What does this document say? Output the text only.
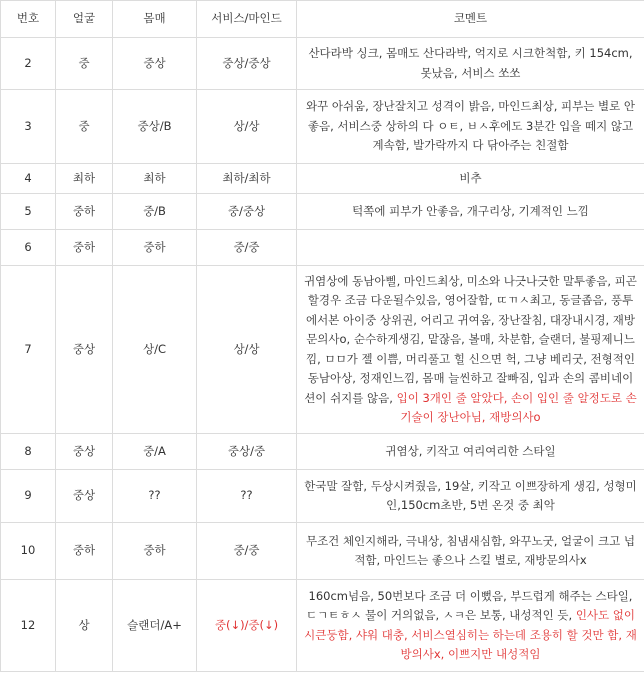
번호	얼굴	몸매	서비스/마인드	코멘트
2	중	중상	중상/중상	산다라박 싱크, 몸매도 산다라박, 억지로 시크한척함, 키 154cm, 못났음, 서비스 쏘쏘
3	중	중상/B	상/상	와꾸 아쉬움, 장난잘치고 성격이 밝음, 마인드최상, 피부는 별로 안좋음, 서비스중 상하의 다 ㅇㅌ, ㅂㅅ후에도 3분간 입을 떼지 않고 계속함, 발가락까지 다 닦아주는 친절함
4	최하	최하	최하/최하	비추
5	중하	중/B	중/중상	턱쪽에 피부가 안좋음, 개구리상, 기계적인 느낌
6	중하	중하	중/중	
7	중상	상/C	상/상	귀염상에 동남아삘, 마인드최상, 미소와 나긋나긋한 말투좋음, 피곤할경우 조금 다운될수있음, 영어잘함, ㄸㄲㅅ최고, 동글좁음, 풍투에서본 아이중 상위권, 어리고 귀여움, 장난잘침, 대장내시경, 재방문의사o, 순수하게생김, 맡잖음, 볼매, 차분함, 슬랜더, 불핑제니느낌, ㅁㅁ가 젤 이쁨, 머리풀고 힐 신으면 헉, 그냥 베리굿, 전형적인 동남아상, 정재인느낌, 몸매 늘씬하고 잘빠짐, 입과 손의 콤비네이션이 쉬지를 않음, 입이 3개인 줄 알았다, 손이 입인 줄 알정도로 손기술이 장난아님, 재방의사o
8	중상	중/A	중상/중	귀염상, 키작고 여리여리한 스타일
9	중상	??	??	한국말 잘함, 두상시켜줬음, 19살, 키작고 이쁘장하게 생김, 성형미인,150cm초반, 5번 온것 중 최악
10	중하	중하	중/중	무조건 체인지해라, 극내상, 침냄새심함, 와꾸노굿, 얼굴이 크고 넙적함, 마인드는 좋으나 스킬 별로, 재방문의사x
12	상	슬랜더/A+	중(↓)/중(↓)	160cm넘음, 50번보다 조금 더 이뻤음, 부드럽게 해주는 스타일, ㄷㄱㅌㅎㅅ 물이 거의없음, ㅅㅋ은 보통, 내성적인 듯, 인사도 없이 시큰둥함, 샤워 대충, 서비스열심히는 하는데 조용히 할 것만 함, 재방의사x, 이쁘지만 내성적임
